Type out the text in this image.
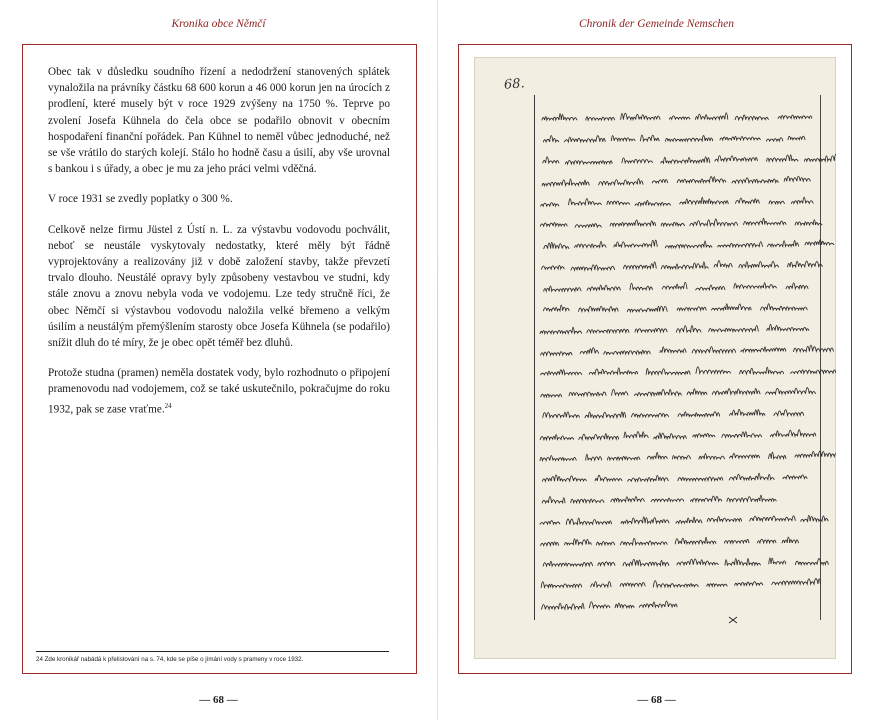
Kronika obce Němčí

Obec tak v důsledku soudního řízení a nedodržení stanovených splátek vynaložila na právníky částku 68 600 korun a 46 000 korun jen na úrocích z prodlení, které musely být v roce 1929 zvýšeny na 1750 %. Teprve po zvolení Josefa Kühnela do čela obce se podařilo obnovit v obecním hospodaření finanční pořádek. Pan Kühnel to neměl vůbec jednoduché, než se vše vrátilo do starých kolejí. Stálo ho hodně času a úsilí, aby vše urovnal s bankou i s úřady, a obec je mu za jeho práci velmi vděčná.

V roce 1931 se zvedly poplatky o 300 %.

Celkově nelze firmu Jüstel z Ústí n. L. za výstavbu vodovodu pochválit, neboť se neustále vyskytovaly nedostatky, které měly být řádně vyprojektovány a realizovány již v době založení stavby, takže převzetí trvalo dlouho. Neustálé opravy byly způsobeny vestavbou ve studni, kdy stále znovu a znovu nebyla voda ve vodojemu. Lze tedy stručně říci, že obec Němčí si výstavbou vodovodu naložila velké břemeno a velkým úsilím a neustálým přemýšlením starosty obce Josefa Kühnela (se podařilo) snížit dluh do té míry, že je obec opět téměř bez dluhů.

Protože studna (pramen) neměla dostatek vody, bylo rozhodnuto o připojení pramenovodu nad vodojemem, což se také uskutečnilo, pokračujme do roku 1932, pak se zase vraťme.$^{24}$

24 Zde kronikář nabádá k přelistování na s. 74, kde se píše o jímání vody s prameny v roce 1932.
— 68 —
Chronik der Gemeinde Nemschen
68.
— 68 —
